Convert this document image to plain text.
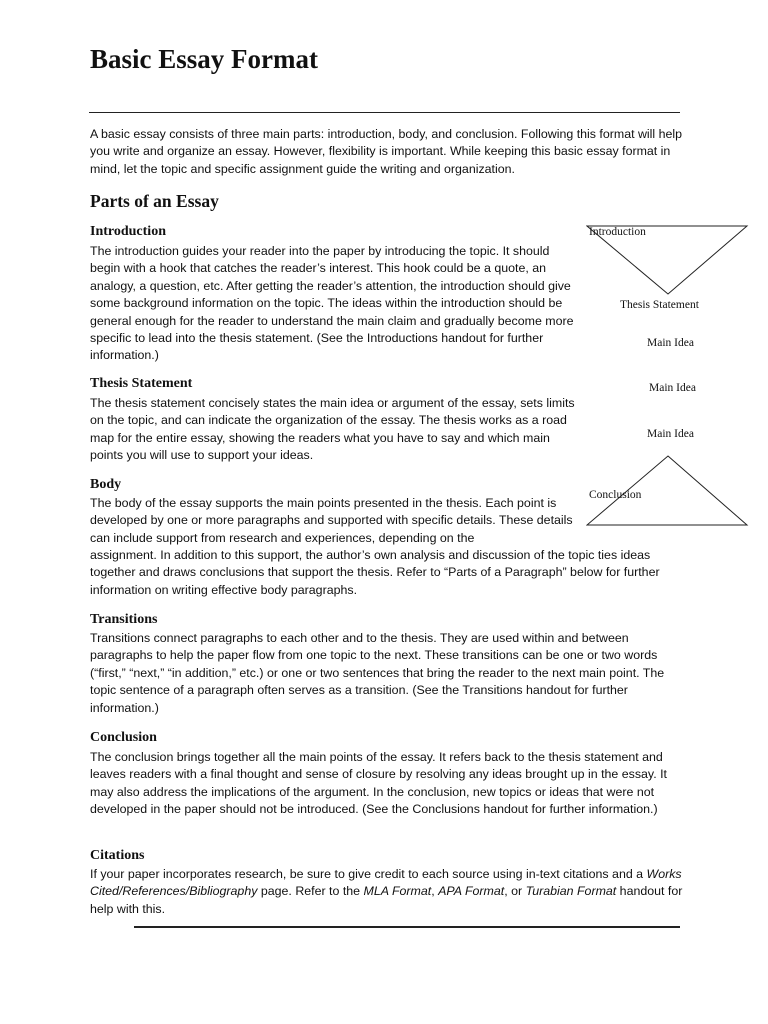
Basic Essay Format

A basic essay consists of three main parts: introduction, body, and conclusion. Following this format will help you write and organize an essay. However, flexibility is important. While keeping this basic essay format in mind, let the topic and specific assignment guide the writing and organization.

Parts of an Essay
Introduction

The introduction guides your reader into the paper by introducing the topic. It should begin with a hook that catches the reader’s interest. This hook could be a quote, an analogy, a question, etc. After getting the reader’s attention, the introduction should give some background information on the topic. The ideas within the introduction should be general enough for the reader to understand the main claim and gradually become more specific to lead into the thesis statement. (See the Introductions handout for further information.)

Thesis Statement

The thesis statement concisely states the main idea or argument of the essay, sets limits on the topic, and can indicate the organization of the essay. The thesis works as a road map for the entire essay, showing the readers what you have to say and which main points you will use to support your ideas.

Body

The body of the essay supports the main points presented in the thesis. Each point is developed by one or more paragraphs and supported with specific details. These details can include support from research and experiences, depending on the

assignment. In addition to this support, the author’s own analysis and discussion of the topic ties ideas together and draws conclusions that support the thesis. Refer to “Parts of a Paragraph” below for further information on writing effective body paragraphs.

Transitions

Transitions connect paragraphs to each other and to the thesis. They are used within and between paragraphs to help the paper flow from one topic to the next. These transitions can be one or two words (“first,” “next,” “in addition,” etc.) or one or two sentences that bring the reader to the next main point. The topic sentence of a paragraph often serves as a transition. (See the Transitions handout for further information.)

Conclusion

The conclusion brings together all the main points of the essay. It refers back to the thesis statement and leaves readers with a final thought and sense of closure by resolving any ideas brought up in the essay. It may also address the implications of the argument. In the conclusion, new topics or ideas that were not developed in the paper should not be introduced. (See the Conclusions handout for further information.)

Citations

If your paper incorporates research, be sure to give credit to each source using in-text citations and a Works Cited/References/Bibliography page. Refer to the MLA Format, APA Format, or Turabian Format handout for help with this.

Introduction
Thesis Statement
Main Idea
Main Idea
Main Idea
Conclusion
